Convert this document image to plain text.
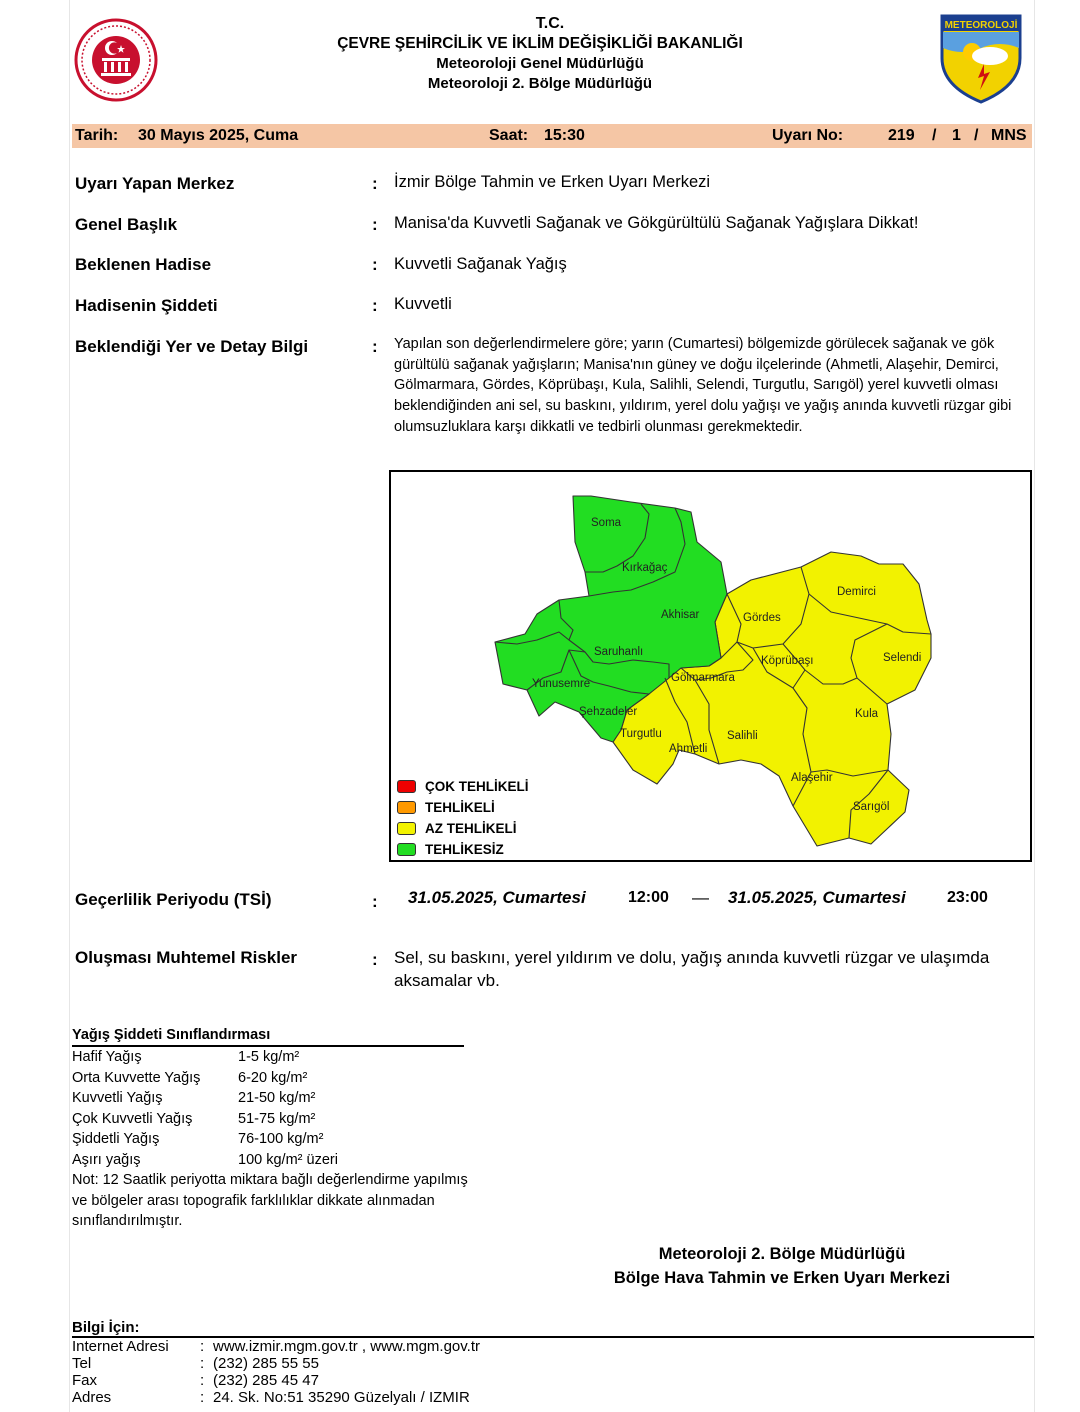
T.C.
ÇEVRE ŞEHİRCİLİK VE İKLİM DEĞİŞİKLİĞİ BAKANLIĞI
Meteoroloji Genel Müdürlüğü
Meteoroloji 2. Bölge Müdürlüğü
METEOROLOJİ
Tarih: 30 Mayıs 2025, Cuma	Saat: 15:30	Uyarı No:	219 / 1 / MNS
Uyarı Yapan Merkez	: İzmir Bölge Tahmin ve Erken Uyarı Merkezi
Genel Başlık	: Manisa'da Kuvvetli Sağanak ve Gökgürültülü Sağanak Yağışlara Dikkat!
Beklenen Hadise	: Kuvvetli Sağanak Yağış
Hadisenin Şiddeti	: Kuvvetli
Beklendiği Yer ve Detay Bilgi	: Yapılan son değerlendirmelere göre; yarın (Cumartesi) bölgemizde görülecek sağanak ve gök gürültülü sağanak yağışların; Manisa'nın güney ve doğu ilçelerinde (Ahmetli, Alaşehir, Demirci, Gölmarmara, Gördes, Köprübaşı, Kula, Salihli, Selendi, Turgutlu, Sarıgöl) yerel kuvvetli olması beklendiğinden ani sel, su baskını, yıldırım, yerel dolu yağışı ve yağış anında kuvvetli rüzgar gibi olumsuzluklara karşı dikkatli ve tedbirli olunması gerekmektedir.
Soma
Kırkağaç
Akhisar
Saruhanlı
Yunusemre
Şehzadeler
Gölmarmara
Turgutlu
Ahmetli
Salihli
Gördes
Demirci
Köprübaşı	Selendi
Kula
Alaşehir
Sarıgöl
ÇOK TEHLİKELİ
TEHLİKELİ
AZ TEHLİKELİ
TEHLİKESİZ
Geçerlilik Periyodu (TSİ)	: 31.05.2025, Cumartesi	12:00 — 31.05.2025, Cumartesi	23:00
Oluşması Muhtemel Riskler	: Sel, su baskını, yerel yıldırım ve dolu, yağış anında kuvvetli rüzgar ve ulaşımda aksamalar vb.
Yağış Şiddeti Sınıflandırması
Hafif Yağış	1-5 kg/m²
Orta Kuvvette Yağış	6-20 kg/m²
Kuvvetli Yağış	21-50 kg/m²
Çok Kuvvetli Yağış	51-75 kg/m²
Şiddetli Yağış	76-100 kg/m²
Aşırı yağış	100 kg/m² üzeri
Not: 12 Saatlik periyotta miktara bağlı değerlendirme yapılmış ve bölgeler arası topografik farklılıklar dikkate alınmadan sınıflandırılmıştır.
Meteoroloji 2. Bölge Müdürlüğü
Bölge Hava Tahmin ve Erken Uyarı Merkezi
Bilgi İçin:
Internet Adresi	: www.izmir.mgm.gov.tr , www.mgm.gov.tr
Tel	: (232) 285 55 55
Fax	: (232) 285 45 47
Adres	: 24. Sk. No:51 35290 Güzelyalı / IZMIR
